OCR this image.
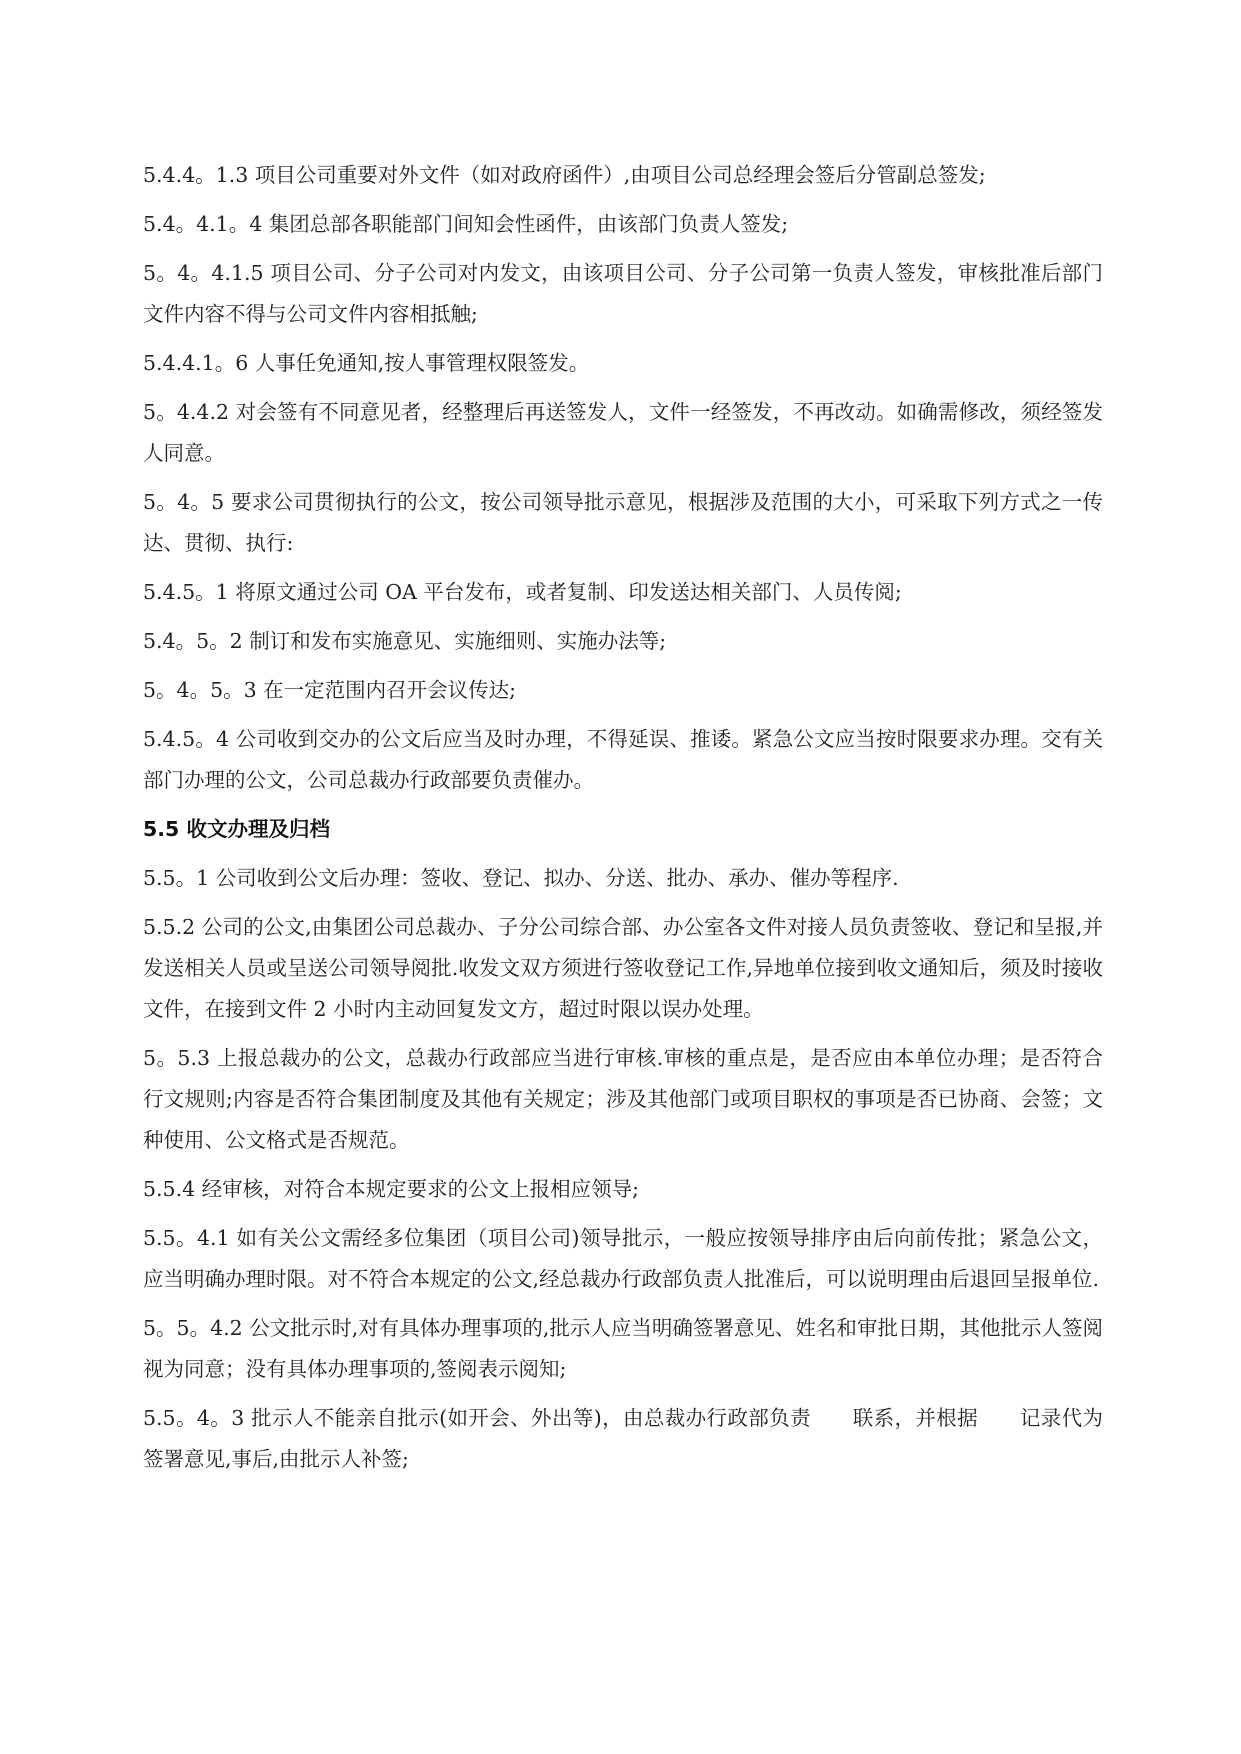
5.4.4。1.3 项目公司重要对外文件（如对政府函件）,由项目公司总经理会签后分管副总签发;

5.4。4.1。4 集团总部各职能部门间知会性函件，由该部门负责人签发;

5。4。4.1.5 项目公司、分子公司对内发文，由该项目公司、分子公司第一负责人签发，审核批准后部门文件内容不得与公司文件内容相抵触;

5.4.4.1。6 人事任免通知,按人事管理权限签发。

5。4.4.2 对会签有不同意见者，经整理后再送签发人，文件一经签发，不再改动。如确需修改，须经签发人同意。

5。4。5 要求公司贯彻执行的公文，按公司领导批示意见，根据涉及范围的大小，可采取下列方式之一传达、贯彻、执行:

5.4.5。1 将原文通过公司 OA 平台发布，或者复制、印发送达相关部门、人员传阅;

5.4。5。2 制订和发布实施意见、实施细则、实施办法等;

5。4。5。3 在一定范围内召开会议传达;

5.4.5。4 公司收到交办的公文后应当及时办理，不得延误、推诿。紧急公文应当按时限要求办理。交有关部门办理的公文，公司总裁办行政部要负责催办。

5.5 收文办理及归档

5.5。1 公司收到公文后办理：签收、登记、拟办、分送、批办、承办、催办等程序.

5.5.2 公司的公文,由集团公司总裁办、子分公司综合部、办公室各文件对接人员负责签收、登记和呈报,并发送相关人员或呈送公司领导阅批.收发文双方须进行签收登记工作,异地单位接到收文通知后，须及时接收文件，在接到文件 2 小时内主动回复发文方，超过时限以误办处理。

5。5.3 上报总裁办的公文，总裁办行政部应当进行审核.审核的重点是，是否应由本单位办理；是否符合行文规则;内容是否符合集团制度及其他有关规定；涉及其他部门或项目职权的事项是否已协商、会签；文种使用、公文格式是否规范。

5.5.4 经审核，对符合本规定要求的公文上报相应领导;

5.5。4.1 如有关公文需经多位集团（项目公司)领导批示，一般应按领导排序由后向前传批；紧急公文，应当明确办理时限。对不符合本规定的公文,经总裁办行政部负责人批准后，可以说明理由后退回呈报单位.

5。5。4.2 公文批示时,对有具体办理事项的,批示人应当明确签署意见、姓名和审批日期，其他批示人签阅视为同意；没有具体办理事项的,签阅表示阅知;

5.5。4。3 批示人不能亲自批示(如开会、外出等)，由总裁办行政部负责　　联系，并根据　　记录代为签署意见,事后,由批示人补签;
